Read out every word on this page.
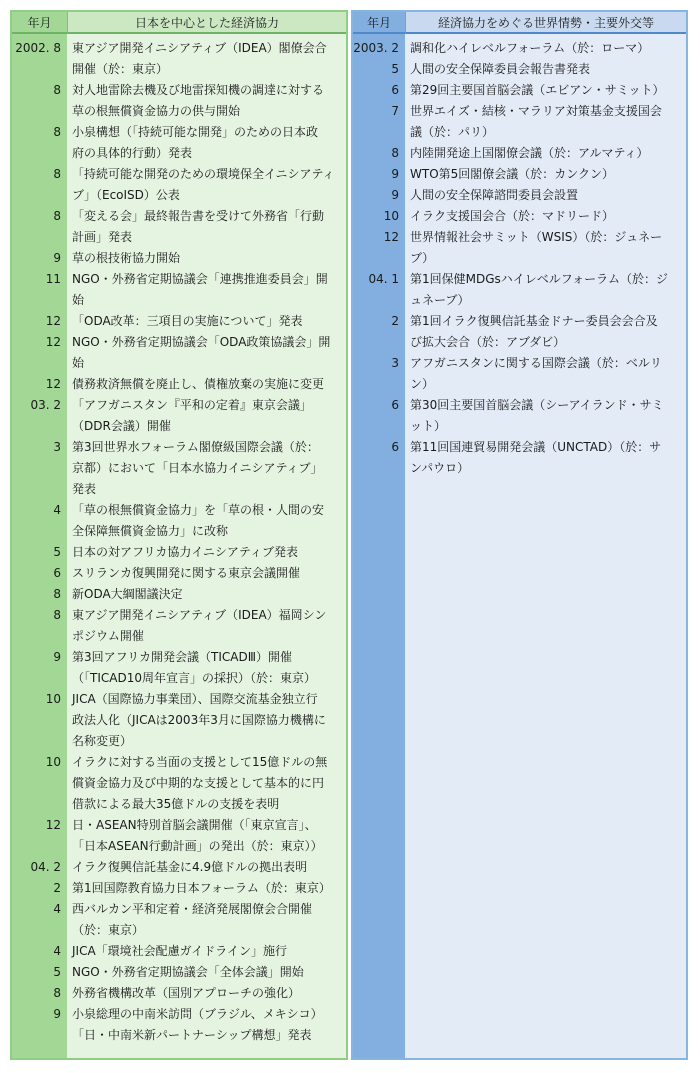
年月	日本を中心とした経済協力
2002. 8 東アジア開発イニシアティブ（IDEA）閣僚会合
開催（於：東京）
8 対人地雷除去機及び地雷探知機の調達に対する
草の根無償資金協力の供与開始
8 小泉構想（「持続可能な開発」のための日本政
府の具体的行動）発表
8 「持続可能な開発のための環境保全イニシアティ
ブ」（EcoISD）公表
8 「変える会」最終報告書を受けて外務省「行動
計画」発表
9 草の根技術協力開始
11 NGO・外務省定期協議会「連携推進委員会」開
始
12 「ODA改革：三項目の実施について」発表
12 NGO・外務省定期協議会「ODA政策協議会」開
始
12 債務救済無償を廃止し、債権放棄の実施に変更
03. 2 「アフガニスタン『平和の定着』東京会議」
（DDR会議）開催
3 第3回世界水フォーラム閣僚級国際会議（於：
京都）において「日本水協力イニシアティブ」
発表
4 「草の根無償資金協力」を「草の根・人間の安
全保障無償資金協力」に改称
5 日本の対アフリカ協力イニシアティブ発表
6 スリランカ復興開発に関する東京会議開催
8 新ODA大綱閣議決定
8 東アジア開発イニシアティブ（IDEA）福岡シン
ポジウム開催
9 第3回アフリカ開発会議（TICADⅢ）開催
（「TICAD10周年宣言」の採択）（於：東京）
10 JICA（国際協力事業団）、国際交流基金独立行
政法人化（JICAは2003年3月に国際協力機構に
名称変更）
10 イラクに対する当面の支援として15億ドルの無
償資金協力及び中期的な支援として基本的に円
借款による最大35億ドルの支援を表明
12 日・ASEAN特別首脳会議開催（「東京宣言」、
「日本ASEAN行動計画」の発出（於：東京））
04. 2 イラク復興信託基金に4.9億ドルの拠出表明
2 第1回国際教育協力日本フォーラム（於：東京）
4 西バルカン平和定着・経済発展閣僚会合開催
（於：東京）
4 JICA「環境社会配慮ガイドライン」施行
5 NGO・外務省定期協議会「全体会議」開始
8 外務省機構改革（国別アプローチの強化）
9 小泉総理の中南米訪問（ブラジル、メキシコ）
「日・中南米新パートナーシップ構想」発表
年月	経済協力をめぐる世界情勢・主要外交等
2003. 2 調和化ハイレベルフォーラム（於：ローマ）
5 人間の安全保障委員会報告書発表
6 第29回主要国首脳会議（エビアン・サミット）
7 世界エイズ・結核・マラリア対策基金支援国会
議（於：パリ）
8 内陸開発途上国閣僚会議（於：アルマティ）
9 WTO第5回閣僚会議（於：カンクン）
9 人間の安全保障諮問委員会設置
10 イラク支援国会合（於：マドリード）
12 世界情報社会サミット（WSIS）（於：ジュネー
ブ）
04. 1 第1回保健MDGsハイレベルフォーラム（於：ジ
ュネーブ）
2 第1回イラク復興信託基金ドナー委員会会合及
び拡大会合（於：アブダビ）
3 アフガニスタンに関する国際会議（於：ベルリ
ン）
6 第30回主要国首脳会議（シーアイランド・サミ
ット）
6 第11回国連貿易開発会議（UNCTAD）（於：サ
ンパウロ）
